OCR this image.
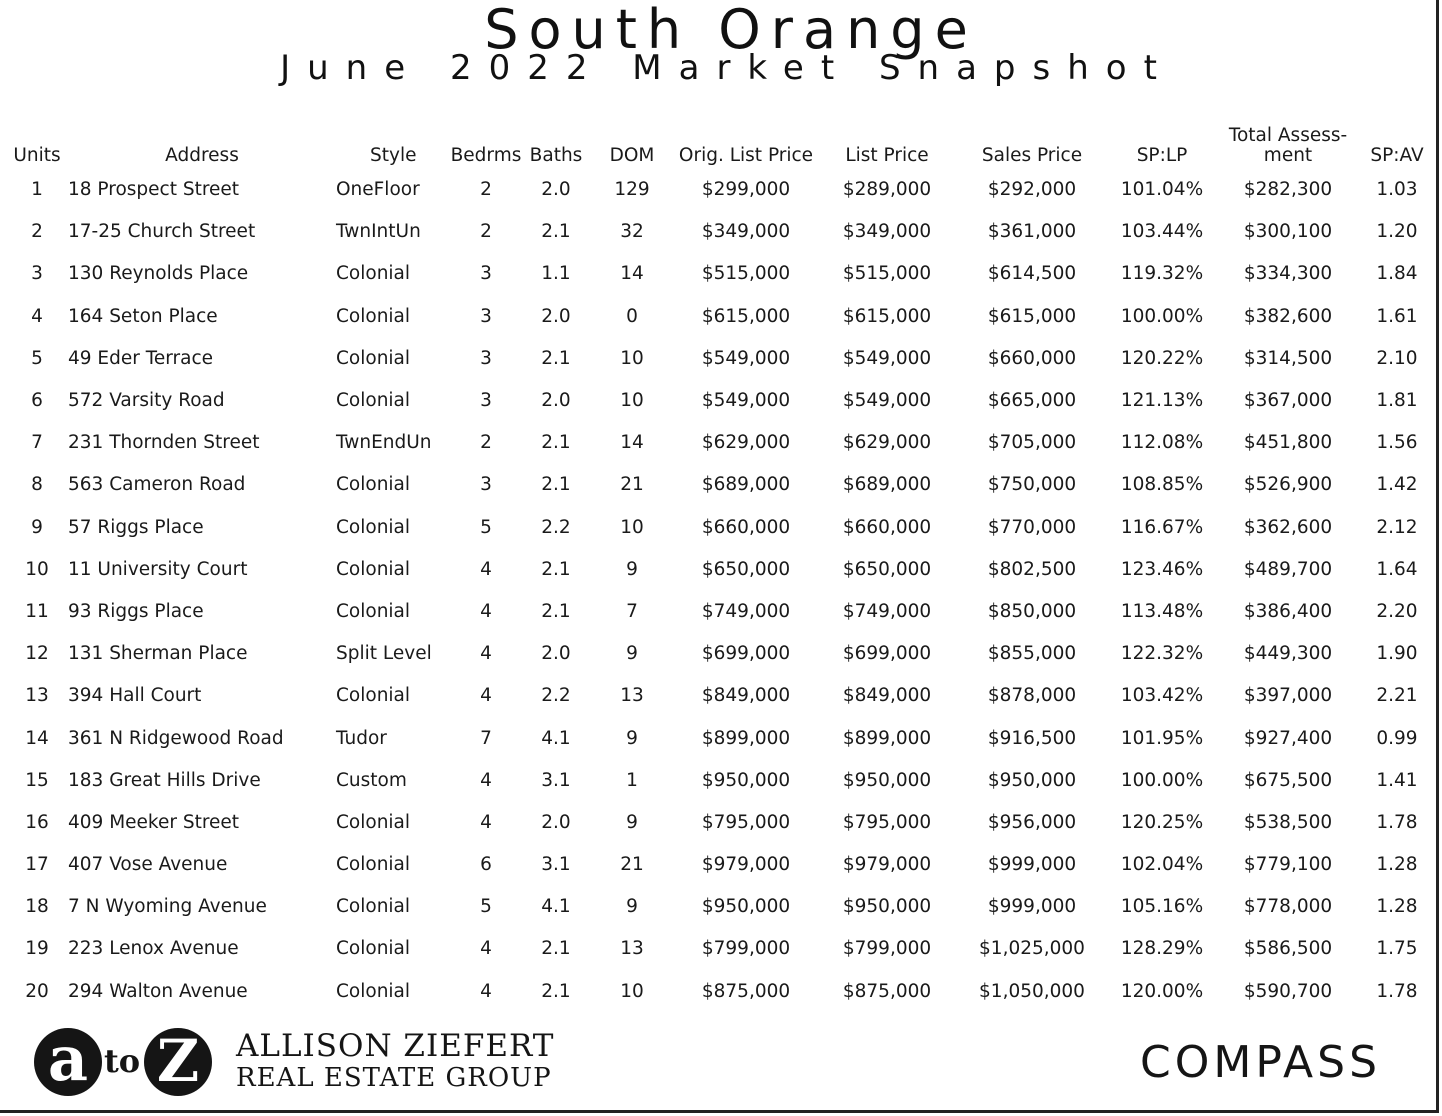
South Orange
June 2022 Market Snapshot
Units	Address	Style	Bedrms	Baths	DOM	Orig. List Price	List Price	Sales Price	SP:LP	Total Assess-
ment	SP:AV
1	18 Prospect Street	OneFloor	2	2.0	129	$299,000	$289,000	$292,000	101.04%	$282,300	1.03
2	17-25 Church Street	TwnIntUn	2	2.1	32	$349,000	$349,000	$361,000	103.44%	$300,100	1.20
3	130 Reynolds Place	Colonial	3	1.1	14	$515,000	$515,000	$614,500	119.32%	$334,300	1.84
4	164 Seton Place	Colonial	3	2.0	0	$615,000	$615,000	$615,000	100.00%	$382,600	1.61
5	49 Eder Terrace	Colonial	3	2.1	10	$549,000	$549,000	$660,000	120.22%	$314,500	2.10
6	572 Varsity Road	Colonial	3	2.0	10	$549,000	$549,000	$665,000	121.13%	$367,000	1.81
7	231 Thornden Street	TwnEndUn	2	2.1	14	$629,000	$629,000	$705,000	112.08%	$451,800	1.56
8	563 Cameron Road	Colonial	3	2.1	21	$689,000	$689,000	$750,000	108.85%	$526,900	1.42
9	57 Riggs Place	Colonial	5	2.2	10	$660,000	$660,000	$770,000	116.67%	$362,600	2.12
10	11 University Court	Colonial	4	2.1	9	$650,000	$650,000	$802,500	123.46%	$489,700	1.64
11	93 Riggs Place	Colonial	4	2.1	7	$749,000	$749,000	$850,000	113.48%	$386,400	2.20
12	131 Sherman Place	Split Level	4	2.0	9	$699,000	$699,000	$855,000	122.32%	$449,300	1.90
13	394 Hall Court	Colonial	4	2.2	13	$849,000	$849,000	$878,000	103.42%	$397,000	2.21
14	361 N Ridgewood Road	Tudor	7	4.1	9	$899,000	$899,000	$916,500	101.95%	$927,400	0.99
15	183 Great Hills Drive	Custom	4	3.1	1	$950,000	$950,000	$950,000	100.00%	$675,500	1.41
16	409 Meeker Street	Colonial	4	2.0	9	$795,000	$795,000	$956,000	120.25%	$538,500	1.78
17	407 Vose Avenue	Colonial	6	3.1	21	$979,000	$979,000	$999,000	102.04%	$779,100	1.28
18	7 N Wyoming Avenue	Colonial	5	4.1	9	$950,000	$950,000	$999,000	105.16%	$778,000	1.28
19	223 Lenox Avenue	Colonial	4	2.1	13	$799,000	$799,000	$1,025,000	128.29%	$586,500	1.75
20	294 Walton Avenue	Colonial	4	2.1	10	$875,000	$875,000	$1,050,000	120.00%	$590,700	1.78
a to Z	ALLISON ZIEFERT
REAL ESTATE GROUP	COMPASS
